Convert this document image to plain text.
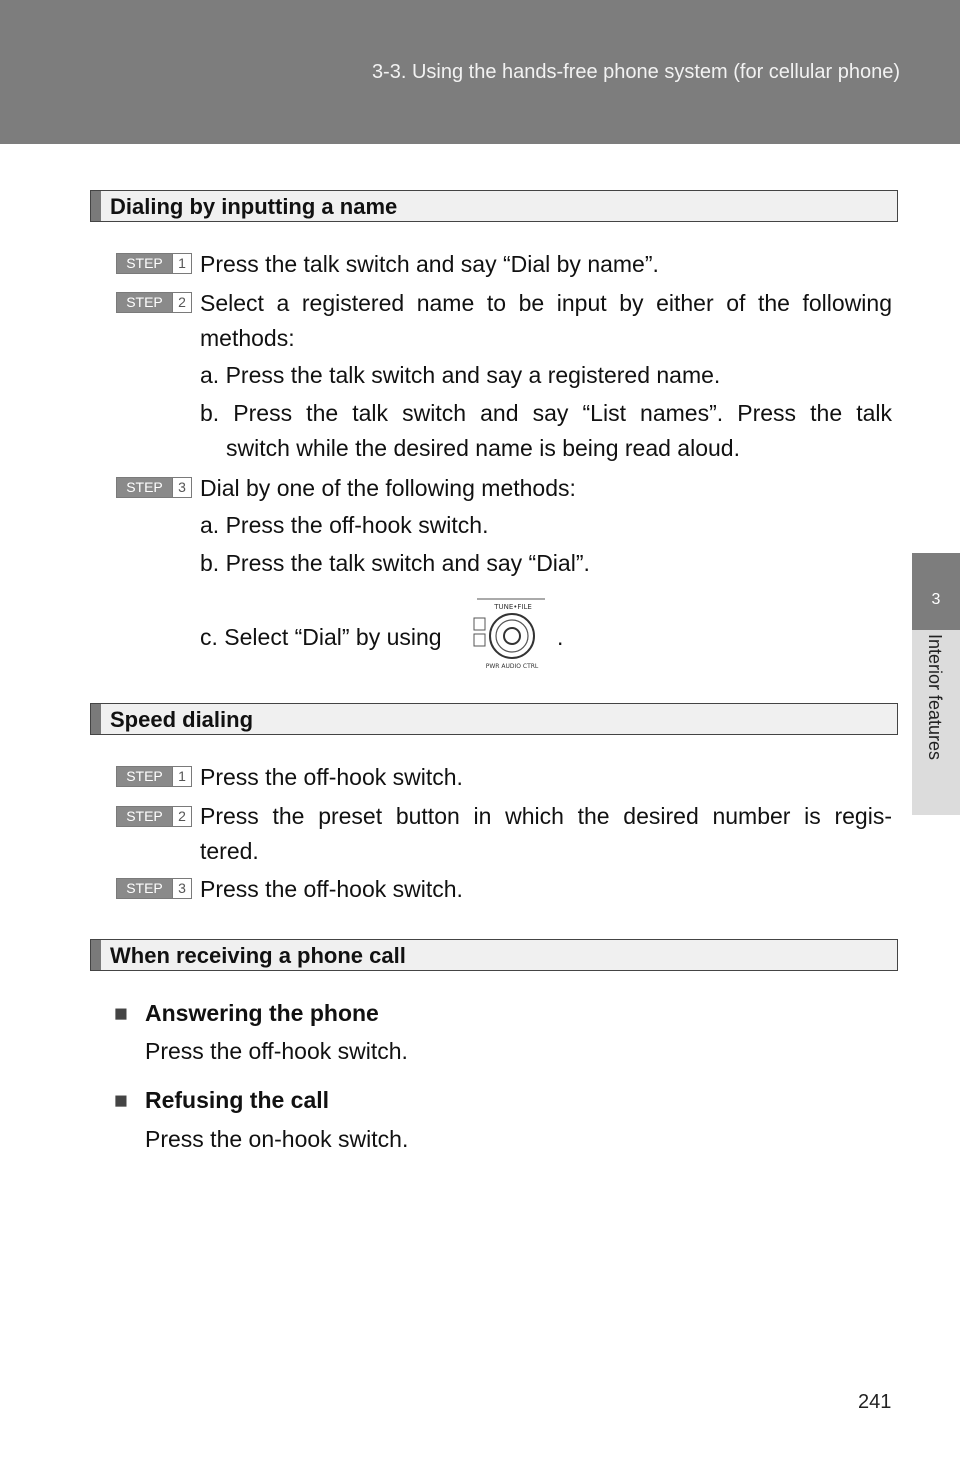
3-3. Using the hands-free phone system (for cellular phone)
3
Interior features
Dialing by inputting a name
STEP	1 Press the talk switch and say “Dial by name”.
STEP	2 Select a registered name to be input by either of the following
methods:
a. Press the talk switch and say a registered name.
b. Press the talk switch and say “List names”. Press the talk
switch while the desired name is being read aloud.
STEP	3 Dial by one of the following methods:
a. Press the off-hook switch.
b. Press the talk switch and say “Dial”.
c. Select “Dial” by using
TUNE•FILE
PWR AUDIO CTRL
.
Speed dialing
STEP	1 Press the off-hook switch.
STEP	2 Press the preset button in which the desired number is regis-
tered.
STEP	3 Press the off-hook switch.
When receiving a phone call
■ Answering the phone
Press the off-hook switch.
■ Refusing the call
Press the on-hook switch.
241
